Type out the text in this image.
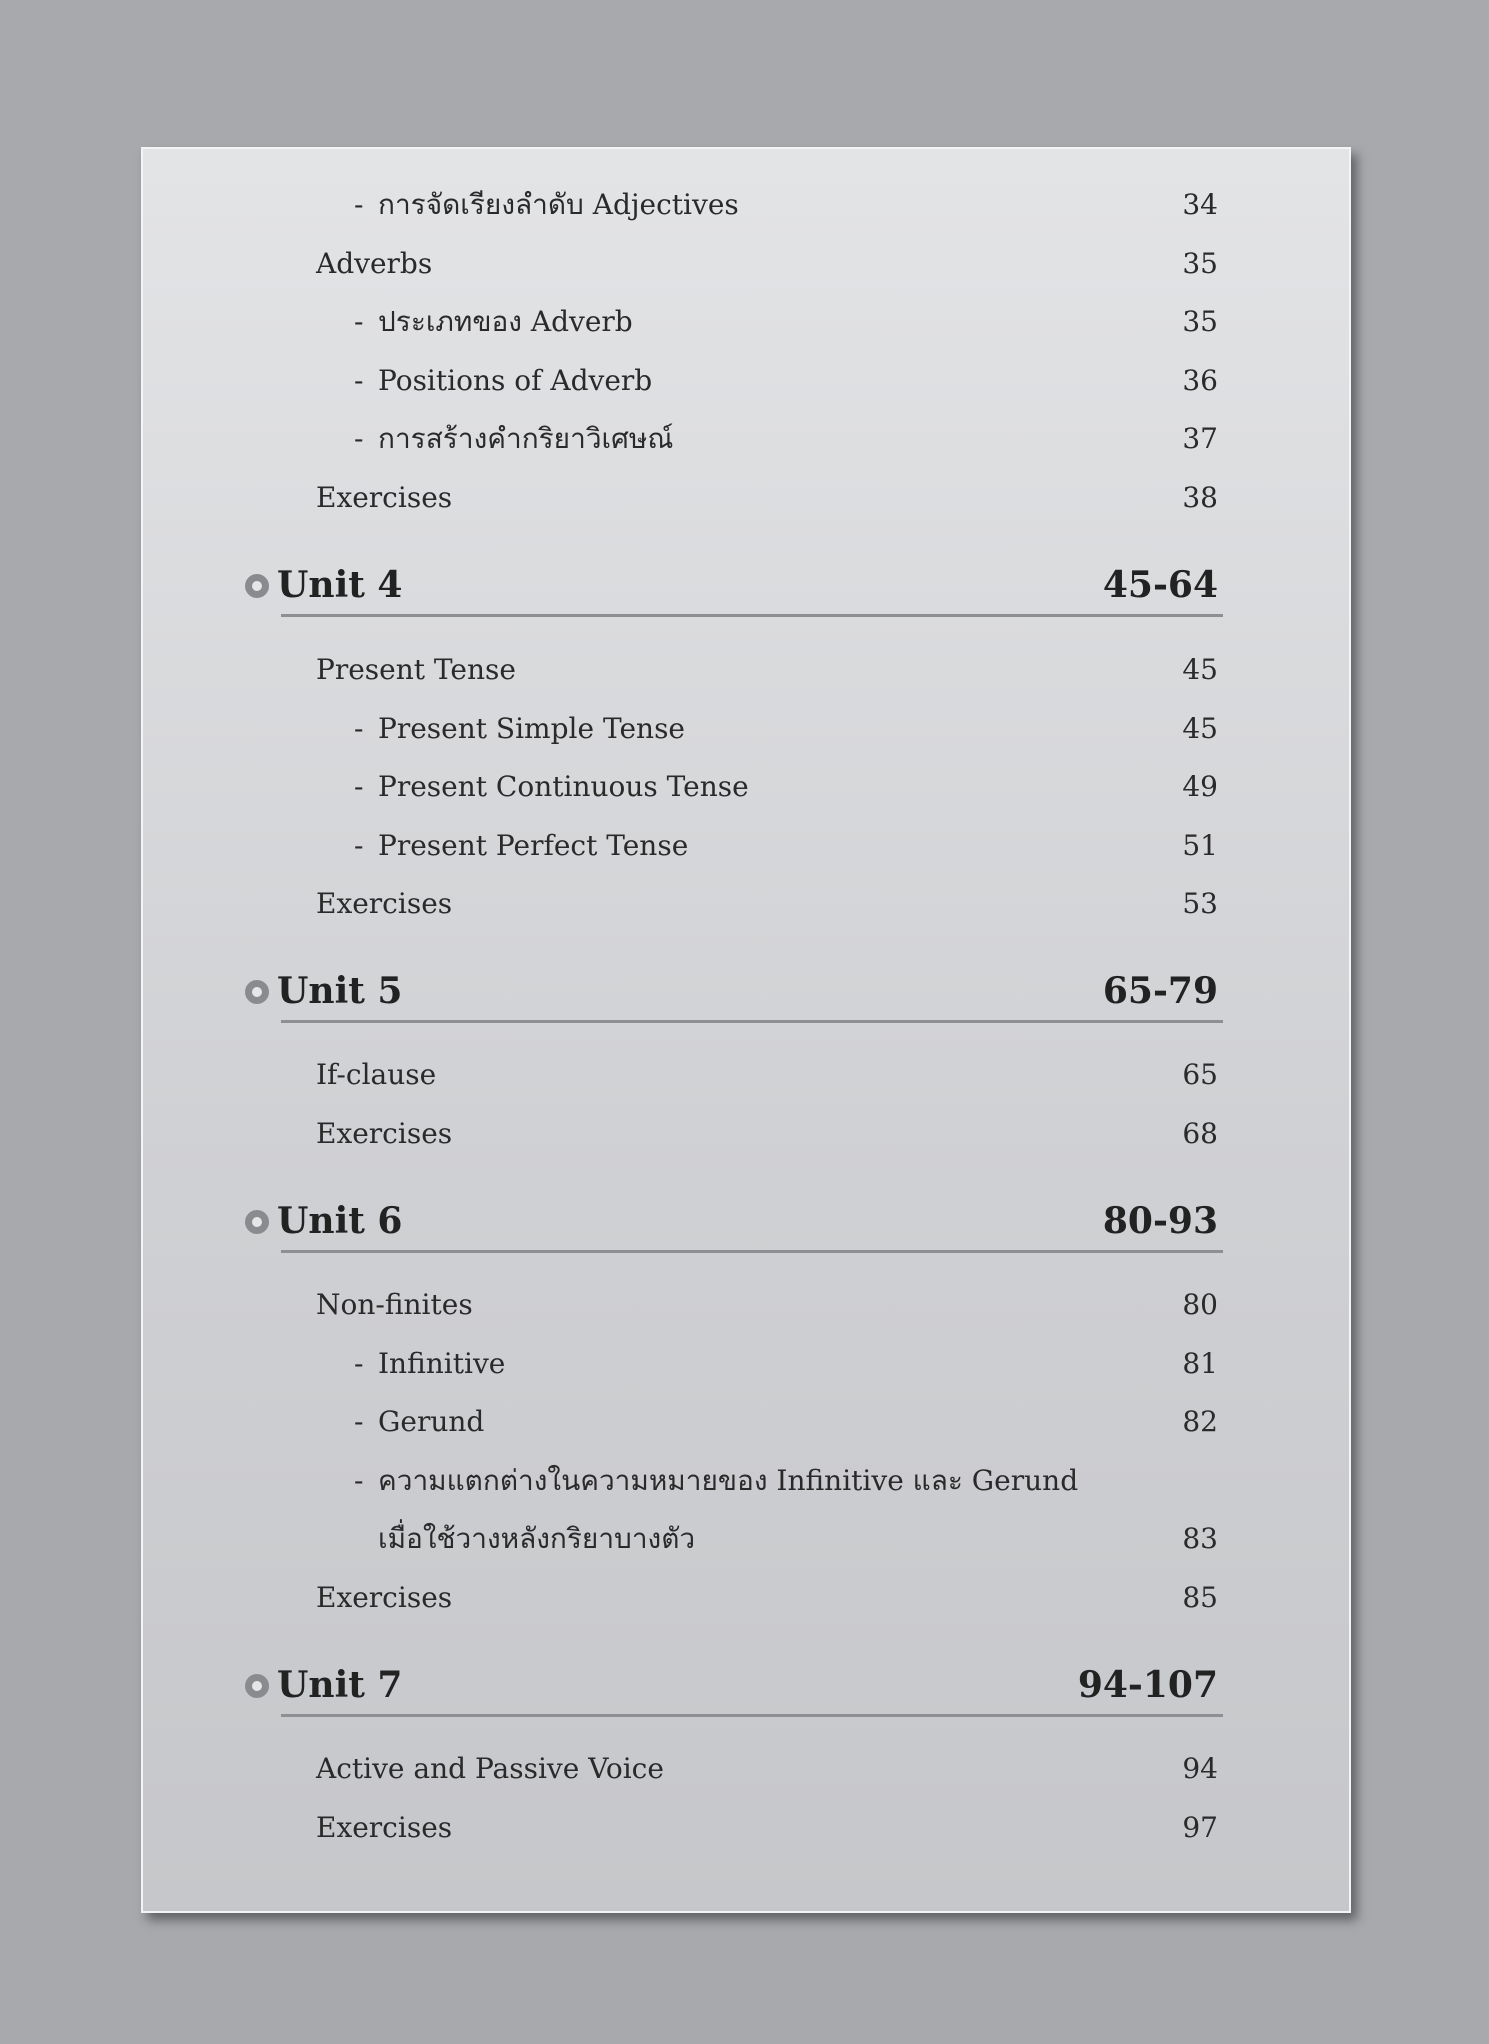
- การจัดเรียงลำดับ Adjectives	34
Adverbs	35
- ประเภทของ Adverb	35
- Positions of Adverb	36
- การสร้างคำกริยาวิเศษณ์	37
Exercises	38
Unit 4	45-64
Present Tense	45
- Present Simple Tense	45
- Present Continuous Tense	49
- Present Perfect Tense	51
Exercises	53
Unit 5	65-79
If-clause	65
Exercises	68
Unit 6	80-93
Non-finites	80
- Infinitive	81
- Gerund	82
- ความแตกต่างในความหมายของ Infinitive และ Gerund
เมื่อใช้วางหลังกริยาบางตัว	83
Exercises	85
Unit 7	94-107
Active and Passive Voice	94
Exercises	97
